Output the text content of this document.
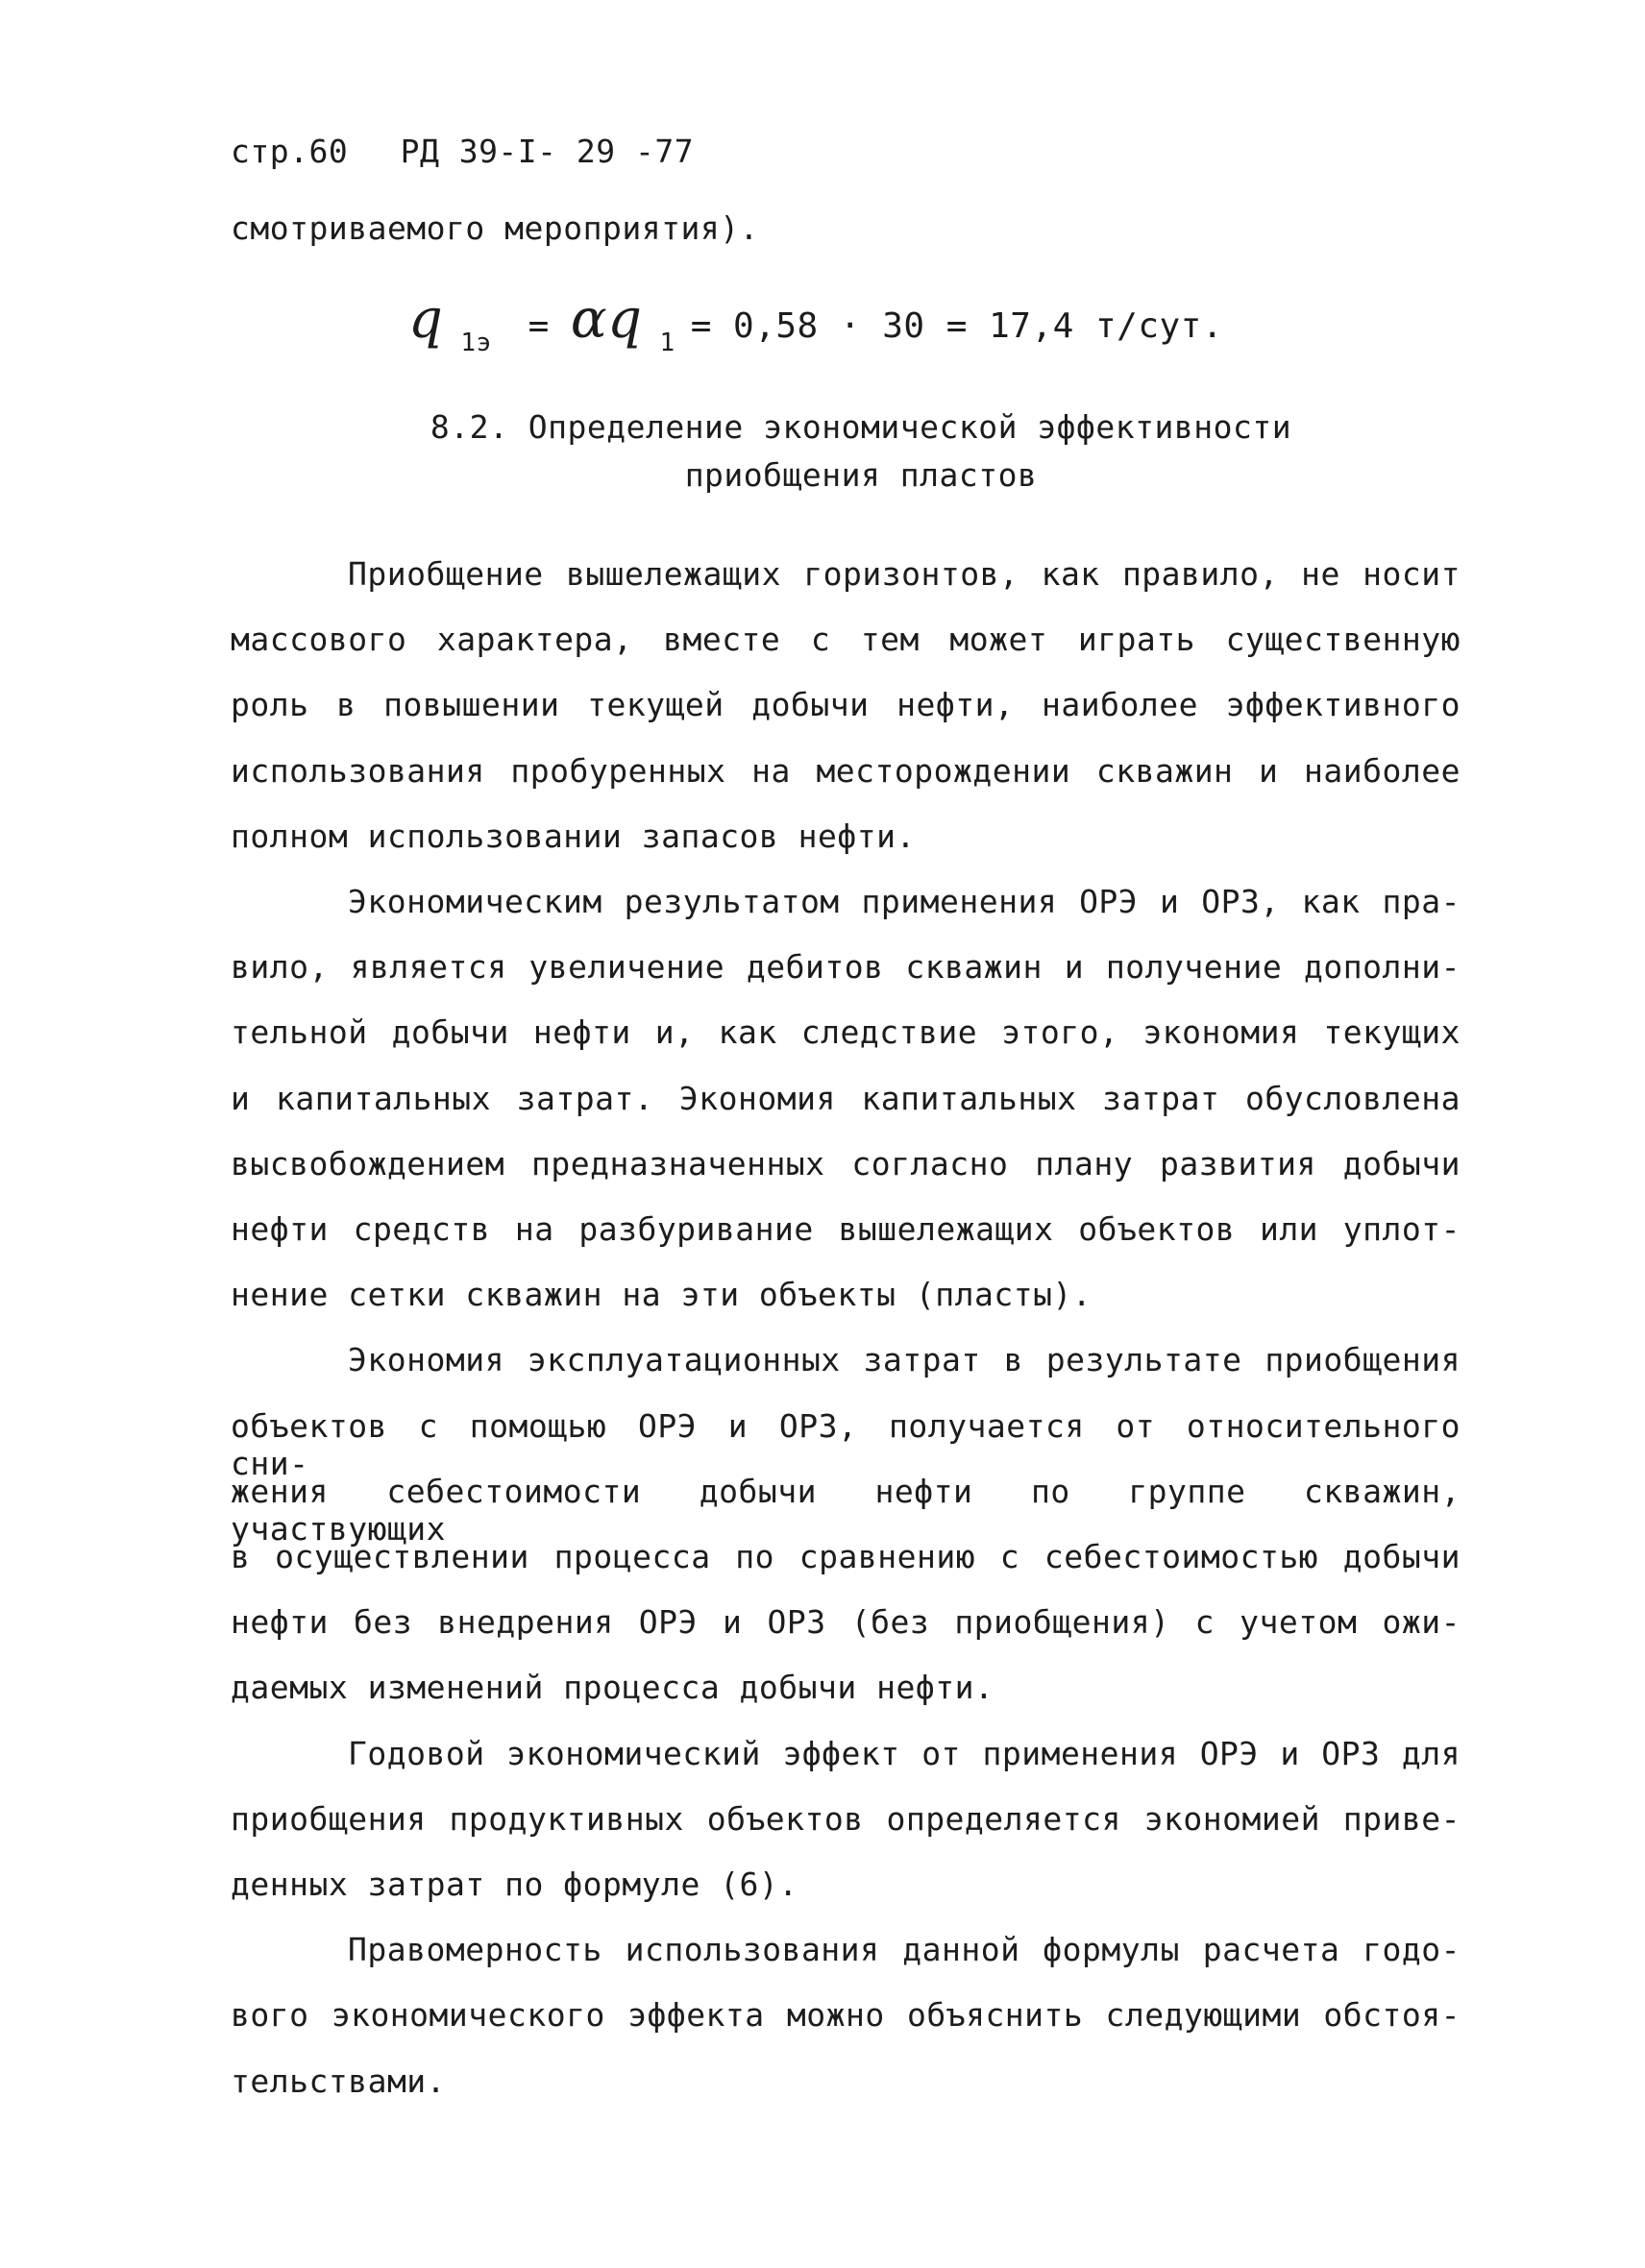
стр.60 РД 39-I- 29 -77
смотриваемого мероприятия).
q 1э = αq 1 = 0,58 · 30 = 17,4 т/сут.
8.2. Определение экономической эффективности
приобщения пластов
Приобщение вышележащих горизонтов, как правило, не носит
массового характера, вместе с тем может играть существенную
роль в повышении текущей добычи нефти, наиболее эффективного
использования пробуренных на месторождении скважин и наиболее
полном использовании запасов нефти.
Экономическим результатом применения ОРЭ и ОРЗ, как пра-
вило, является увеличение дебитов скважин и получение дополни-
тельной добычи нефти и, как следствие этого, экономия текущих
и капитальных затрат. Экономия капитальных затрат обусловлена
высвобождением предназначенных согласно плану развития добычи
нефти средств на разбуривание вышележащих объектов или уплот-
нение сетки скважин на эти объекты (пласты).
Экономия эксплуатационных затрат в результате приобщения
объектов с помощью ОРЭ и ОРЗ, получается от относительного сни-
жения себестоимости добычи нефти по группе скважин, участвующих
в осуществлении процесса по сравнению с себестоимостью добычи
нефти без внедрения ОРЭ и ОРЗ (без приобщения) с учетом ожи-
даемых изменений процесса добычи нефти.
Годовой экономический эффект от применения ОРЭ и ОРЗ для
приобщения продуктивных объектов определяется экономией приве-
денных затрат по формуле (6).
Правомерность использования данной формулы расчета годо-
вого экономического эффекта можно объяснить следующими обстоя-
тельствами.
